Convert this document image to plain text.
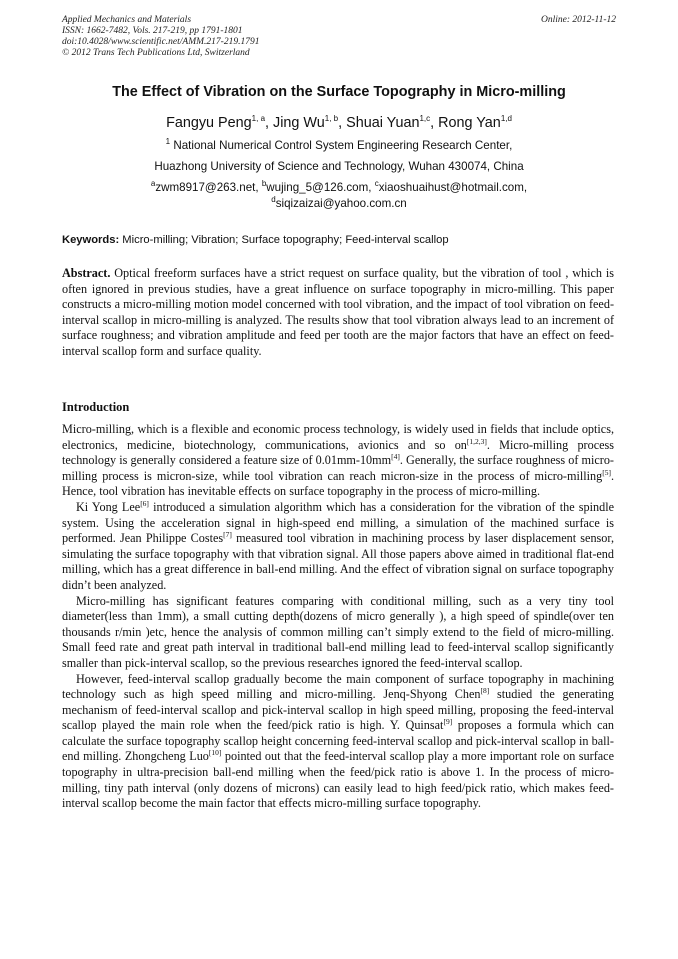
Applied Mechanics and Materials
ISSN: 1662-7482, Vols. 217-219, pp 1791-1801
doi:10.4028/www.scientific.net/AMM.217-219.1791
© 2012 Trans Tech Publications Ltd, Switzerland
Online: 2012-11-12
The Effect of Vibration on the Surface Topography in Micro-milling
Fangyu Peng$^{1, a}$, Jing Wu$^{1, b}$, Shuai Yuan$^{1,c}$, Rong Yan$^{1,d}$
$^1$ National Numerical Control System Engineering Research Center,
Huazhong University of Science and Technology, Wuhan 430074, China
$^a$zwm8917@263.net, $^b$wujing_5@126.com, $^c$xiaoshuaihust@hotmail.com,
$^d$siqizaizai@yahoo.com.cn
Keywords: Micro-milling; Vibration; Surface topography; Feed-interval scallop
Abstract. Optical freeform surfaces have a strict request on surface quality, but the vibration of tool , which is often ignored in previous studies, have a great influence on surface topography in micro-milling. This paper constructs a micro-milling motion model concerned with tool vibration, and the impact of tool vibration on feed-interval scallop in micro-milling is analyzed. The results show that tool vibration always lead to an increment of surface roughness; and vibration amplitude and feed per tooth are the major factors that have an effect on feed-interval scallop form and surface quality.
Introduction

Micro-milling, which is a flexible and economic process technology, is widely used in fields that include optics, electronics, medicine, biotechnology, communications, avionics and so on[1,2,3]. Micro-milling process technology is generally considered a feature size of 0.01mm-10mm[4]. Generally, the surface roughness of micro-milling process is micron-size, while tool vibration can reach micron-size in the process of micro-milling[5]. Hence, tool vibration has inevitable effects on surface topography in the process of micro-milling.

Ki Yong Lee[6] introduced a simulation algorithm which has a consideration for the vibration of the spindle system. Using the acceleration signal in high-speed end milling, a simulation of the machined surface is performed. Jean Philippe Costes[7] measured tool vibration in machining process by laser displacement sensor, simulating the surface topography with that vibration signal. All those papers above aimed in traditional flat-end milling, which has a great difference in ball-end milling. And the effect of vibration signal on surface topography didn’t been analyzed.

Micro-milling has significant features comparing with conditional milling, such as a very tiny tool diameter(less than 1mm), a small cutting depth(dozens of micro generally ), a high speed of spindle(over ten thousands r/min )etc, hence the analysis of common milling can’t simply extend to the field of micro-milling. Small feed rate and great path interval in traditional ball-end milling lead to feed-interval scallop significantly smaller than pick-interval scallop, so the previous researches ignored the feed-interval scallop.

However, feed-interval scallop gradually become the main component of surface topography in machining technology such as high speed milling and micro-milling. Jenq-Shyong Chen[8] studied the generating mechanism of feed-interval scallop and pick-interval scallop in high speed milling, proposing the feed-interval scallop played the main role when the feed/pick ratio is high. Y. Quinsat[9] proposes a formula which can calculate the surface topography scallop height concerning feed-interval scallop and pick-interval scallop in ball-end milling. Zhongcheng Luo[10] pointed out that the feed-interval scallop play a more important role on surface topography in ultra-precision ball-end milling when the feed/pick ratio is above 1. In the process of micro-milling, tiny path interval (only dozens of microns) can easily lead to high feed/pick ratio, which makes feed-interval scallop become the main factor that effects micro-milling surface topography.
